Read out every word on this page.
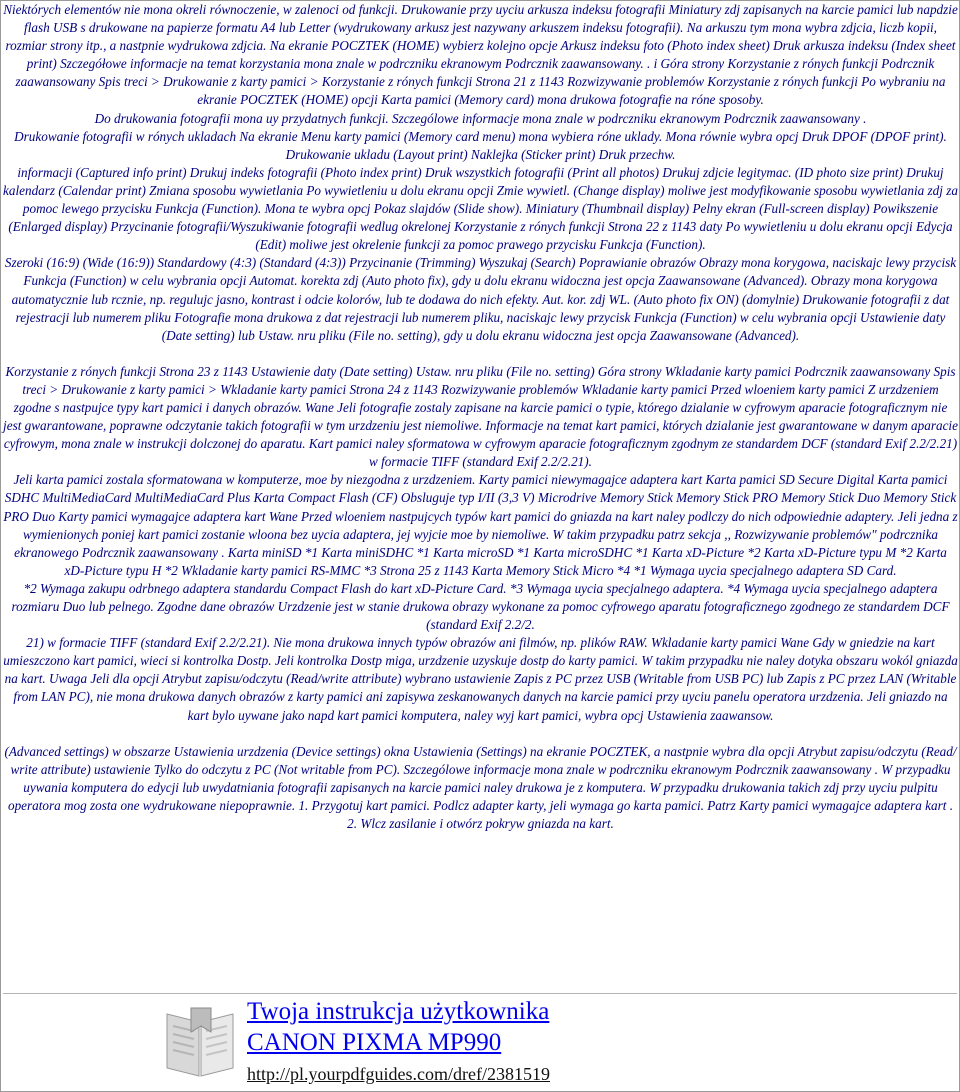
Niektórych elementów nie mona okreli równoczenie, w zalenoci od funkcji. Drukowanie przy uyciu arkusza indeksu fotografii Miniatury zdj zapisanych na karcie pamici lub napdzie flash USB s drukowane na papierze formatu A4 lub Letter (wydrukowany arkusz jest nazywany arkuszem indeksu fotografii). Na arkuszu tym mona wybra zdjcia, liczb kopii, rozmiar strony itp., a nastpnie wydrukowa zdjcia. Na ekranie POCZTEK (HOME) wybierz kolejno opcje Arkusz indeksu foto (Photo index sheet) Druk arkusza indeksu (Index sheet print) Szczegółowe informacje na temat korzystania mona znale w podrczniku ekranowym Podrcznik zaawansowany. . i Góra strony Korzystanie z rónych funkcji Podrcznik zaawansowany Spis treci > Drukowanie z karty pamici > Korzystanie z rónych funkcji Strona 21 z 1143 Rozwizywanie problemów Korzystanie z rónych funkcji Po wybraniu na ekranie POCZTEK (HOME) opcji Karta pamici (Memory card) mona drukowa fotografie na róne sposoby.

Do drukowania fotografii mona uy przydatnych funkcji. Szczególowe informacje mona znale w podrczniku ekranowym Podrcznik zaawansowany .

Drukowanie fotografii w rónych ukladach Na ekranie Menu karty pamici (Memory card menu) mona wybiera róne uklady. Mona równie wybra opcj Druk DPOF (DPOF print). Drukowanie ukladu (Layout print) Naklejka (Sticker print) Druk przechw.

informacji (Captured info print) Drukuj indeks fotografii (Photo index print) Druk wszystkich fotografii (Print all photos) Drukuj zdjcie legitymac. (ID photo size print) Drukuj kalendarz (Calendar print) Zmiana sposobu wywietlania Po wywietleniu u dolu ekranu opcji Zmie wywietl. (Change display) moliwe jest modyfikowanie sposobu wywietlania zdj za pomoc lewego przycisku Funkcja (Function). Mona te wybra opcj Pokaz slajdów (Slide show). Miniatury (Thumbnail display) Pelny ekran (Full-screen display) Powikszenie (Enlarged display) Przycinanie fotografii/Wyszukiwanie fotografii wedlug okrelonej Korzystanie z rónych funkcji Strona 22 z 1143 daty Po wywietleniu u dolu ekranu opcji Edycja (Edit) moliwe jest okrelenie funkcji za pomoc prawego przycisku Funkcja (Function).

Szeroki (16:9) (Wide (16:9)) Standardowy (4:3) (Standard (4:3)) Przycinanie (Trimming) Wyszukaj (Search) Poprawianie obrazów Obrazy mona korygowa, naciskajc lewy przycisk Funkcja (Function) w celu wybrania opcji Automat. korekta zdj (Auto photo fix), gdy u dolu ekranu widoczna jest opcja Zaawansowane (Advanced). Obrazy mona korygowa automatycznie lub rcznie, np. regulujc jasno, kontrast i odcie kolorów, lub te dodawa do nich efekty. Aut. kor. zdj WL. (Auto photo fix ON) (domylnie) Drukowanie fotografii z dat rejestracji lub numerem pliku Fotografie mona drukowa z dat rejestracji lub numerem pliku, naciskajc lewy przycisk Funkcja (Function) w celu wybrania opcji Ustawienie daty (Date setting) lub Ustaw. nru pliku (File no. setting), gdy u dolu ekranu widoczna jest opcja Zaawansowane (Advanced).

Korzystanie z rónych funkcji Strona 23 z 1143 Ustawienie daty (Date setting) Ustaw. nru pliku (File no. setting) Góra strony Wkladanie karty pamici Podrcznik zaawansowany Spis treci > Drukowanie z karty pamici > Wkladanie karty pamici Strona 24 z 1143 Rozwizywanie problemów Wkladanie karty pamici Przed wloeniem karty pamici Z urzdzeniem zgodne s nastpujce typy kart pamici i danych obrazów. Wane Jeli fotografie zostaly zapisane na karcie pamici o typie, którego dzialanie w cyfrowym aparacie fotograficznym nie jest gwarantowane, poprawne odczytanie takich fotografii w tym urzdzeniu jest niemoliwe. Informacje na temat kart pamici, których dzialanie jest gwarantowane w danym aparacie cyfrowym, mona znale w instrukcji dolczonej do aparatu. Kart pamici naley sformatowa w cyfrowym aparacie fotograficznym zgodnym ze standardem DCF (standard Exif 2.2/2.21) w formacie TIFF (standard Exif 2.2/2.21).

Jeli karta pamici zostala sformatowana w komputerze, moe by niezgodna z urzdzeniem. Karty pamici niewymagajce adaptera kart Karta pamici SD Secure Digital Karta pamici SDHC MultiMediaCard MultiMediaCard Plus Karta Compact Flash (CF) Obsluguje typ I/II (3,3 V) Microdrive Memory Stick Memory Stick PRO Memory Stick Duo Memory Stick PRO Duo Karty pamici wymagajce adaptera kart Wane Przed wloeniem nastpujcych typów kart pamici do gniazda na kart naley podlczy do nich odpowiednie adaptery. Jeli jedna z wymienionych poniej kart pamici zostanie wloona bez uycia adaptera, jej wyjcie moe by niemoliwe. W takim przypadku patrz sekcja ,, Rozwizywanie problemów" podrcznika ekranowego Podrcznik zaawansowany . Karta miniSD *1 Karta miniSDHC *1 Karta microSD *1 Karta microSDHC *1 Karta xD-Picture *2 Karta xD-Picture typu M *2 Karta xD-Picture typu H *2 Wkladanie karty pamici RS-MMC *3 Strona 25 z 1143 Karta Memory Stick Micro *4 *1 Wymaga uycia specjalnego adaptera SD Card.

*2 Wymaga zakupu odrbnego adaptera standardu Compact Flash do kart xD-Picture Card. *3 Wymaga uycia specjalnego adaptera. *4 Wymaga uycia specjalnego adaptera rozmiaru Duo lub pelnego. Zgodne dane obrazów Urzdzenie jest w stanie drukowa obrazy wykonane za pomoc cyfrowego aparatu fotograficznego zgodnego ze standardem DCF (standard Exif 2.2/2.

21) w formacie TIFF (standard Exif 2.2/2.21). Nie mona drukowa innych typów obrazów ani filmów, np. plików RAW. Wkladanie karty pamici Wane Gdy w gniedzie na kart umieszczono kart pamici, wieci si kontrolka Dostp. Jeli kontrolka Dostp miga, urzdzenie uzyskuje dostp do karty pamici. W takim przypadku nie naley dotyka obszaru wokól gniazda na kart. Uwaga Jeli dla opcji Atrybut zapisu/odczytu (Read/write attribute) wybrano ustawienie Zapis z PC przez USB (Writable from USB PC) lub Zapis z PC przez LAN (Writable from LAN PC), nie mona drukowa danych obrazów z karty pamici ani zapisywa zeskanowanych danych na karcie pamici przy uyciu panelu operatora urzdzenia. Jeli gniazdo na kart bylo uywane jako napd kart pamici komputera, naley wyj kart pamici, wybra opcj Ustawienia zaawansow.

(Advanced settings) w obszarze Ustawienia urzdzenia (Device settings) okna Ustawienia (Settings) na ekranie POCZTEK, a nastpnie wybra dla opcji Atrybut zapisu/odczytu (Read/ write attribute) ustawienie Tylko do odczytu z PC (Not writable from PC). Szczególowe informacje mona znale w podrczniku ekranowym Podrcznik zaawansowany . W przypadku uywania komputera do edycji lub uwydatniania fotografii zapisanych na karcie pamici naley drukowa je z komputera. W przypadku drukowania takich zdj przy uyciu pulpitu operatora mog zosta one wydrukowane niepoprawnie. 1. Przygotuj kart pamici. Podlcz adapter karty, jeli wymaga go karta pamici. Patrz Karty pamici wymagajce adaptera kart . 2. Wlcz zasilanie i otwórz pokryw gniazda na kart.

Twoja instrukcja użytkownika
CANON PIXMA MP990
http://pl.yourpdfguides.com/dref/2381519
